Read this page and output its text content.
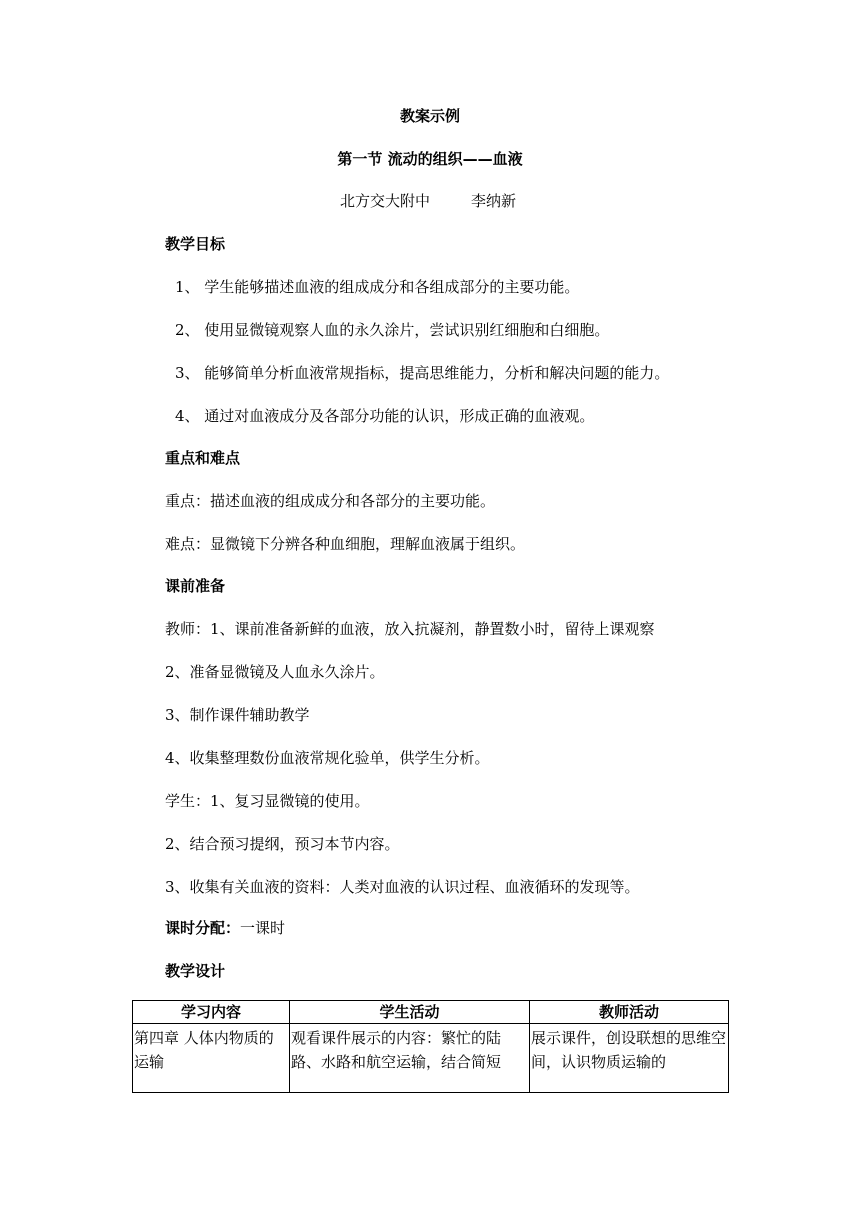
教案示例
第一节 流动的组织——血液
北方交大附中	李纳新
教学目标
1、 学生能够描述血液的组成成分和各组成部分的主要功能。
2、 使用显微镜观察人血的永久涂片，尝试识别红细胞和白细胞。
3、 能够简单分析血液常规指标，提高思维能力，分析和解决问题的能力。
4、 通过对血液成分及各部分功能的认识，形成正确的血液观。
重点和难点
重点：描述血液的组成成分和各部分的主要功能。
难点：显微镜下分辨各种血细胞，理解血液属于组织。
课前准备
教师：1、课前准备新鲜的血液，放入抗凝剂，静置数小时，留待上课观察
2、准备显微镜及人血永久涂片。
3、制作课件辅助教学
4、收集整理数份血液常规化验单，供学生分析。
学生：1、复习显微镜的使用。
2、结合预习提纲，预习本节内容。
3、收集有关血液的资料：人类对血液的认识过程、血液循环的发现等。
课时分配：一课时
教学设计
学习内容	学生活动	教师活动
第四章 人体内物质的运输	观看课件展示的内容：繁忙的陆路、水路和航空运输，结合简短	展示课件，创设联想的思维空间，认识物质运输的
